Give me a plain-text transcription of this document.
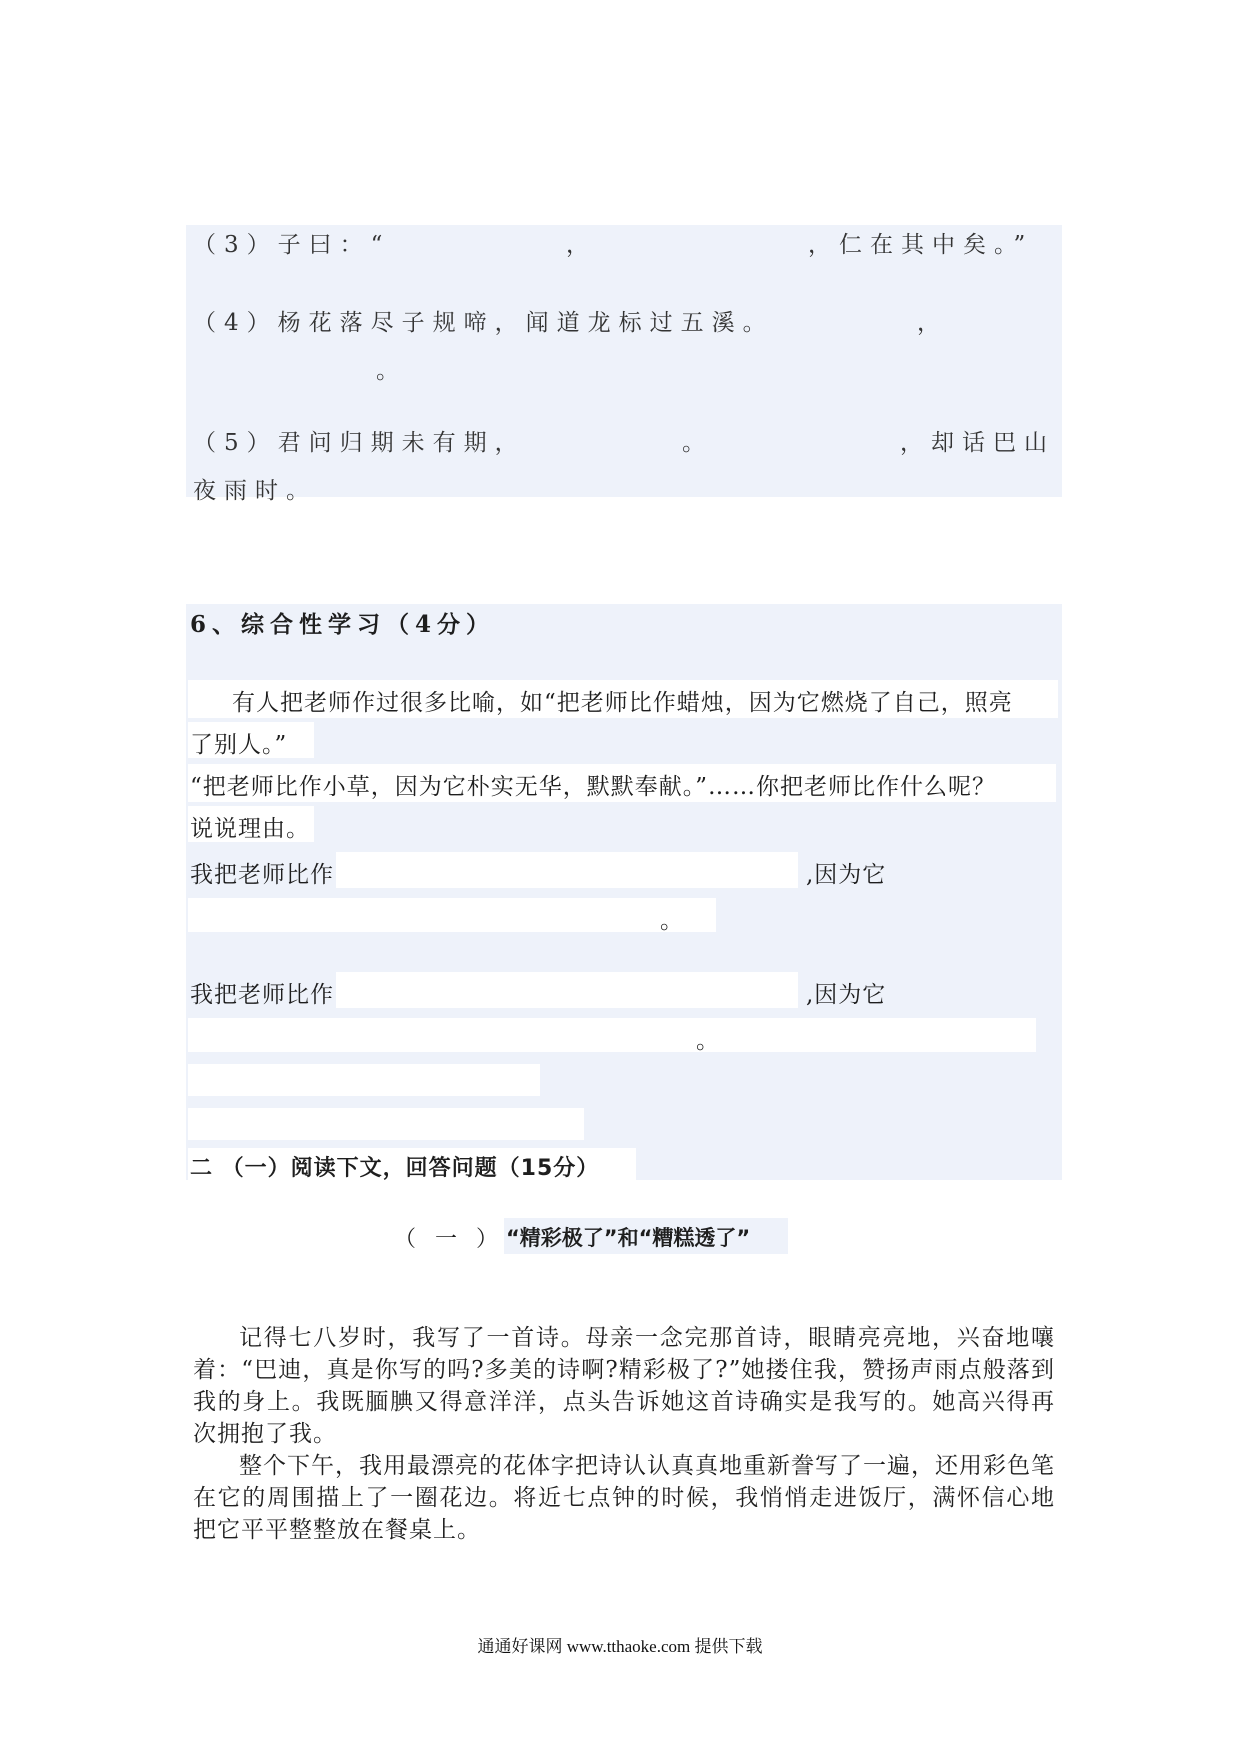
（3）子曰：“	，	，仁在其中矣。”
（4）杨花落尽子规啼，闻道龙标过五溪。	，
。
（5）君问归期未有期，	。	，却话巴山
夜雨时。
6、综合性学习（4分）
有人把老师作过很多比喻，如“把老师比作蜡烛，因为它燃烧了自己，照亮
了别人。”
“把老师比作小草，因为它朴实无华，默默奉献。”……你把老师比作什么呢？
说说理由。
我把老师比作	,因为它
。
我把老师比作	,因为它
。
二 （一）阅读下文，回答问题（15分）
（ 一 ） “精彩极了”和“糟糕透了”

记得七八岁时，我写了一首诗。母亲一念完那首诗，眼睛亮亮地，兴奋地嚷着：“巴迪，真是你写的吗?多美的诗啊?精彩极了?”她搂住我，赞扬声雨点般落到我的身上。我既腼腆又得意洋洋，点头告诉她这首诗确实是我写的。她高兴得再次拥抱了我。

整个下午，我用最漂亮的花体字把诗认认真真地重新誊写了一遍，还用彩色笔在它的周围描上了一圈花边。将近七点钟的时候，我悄悄走进饭厅，满怀信心地把它平平整整放在餐桌上。

通通好课网 www.tthaoke.com 提供下载
